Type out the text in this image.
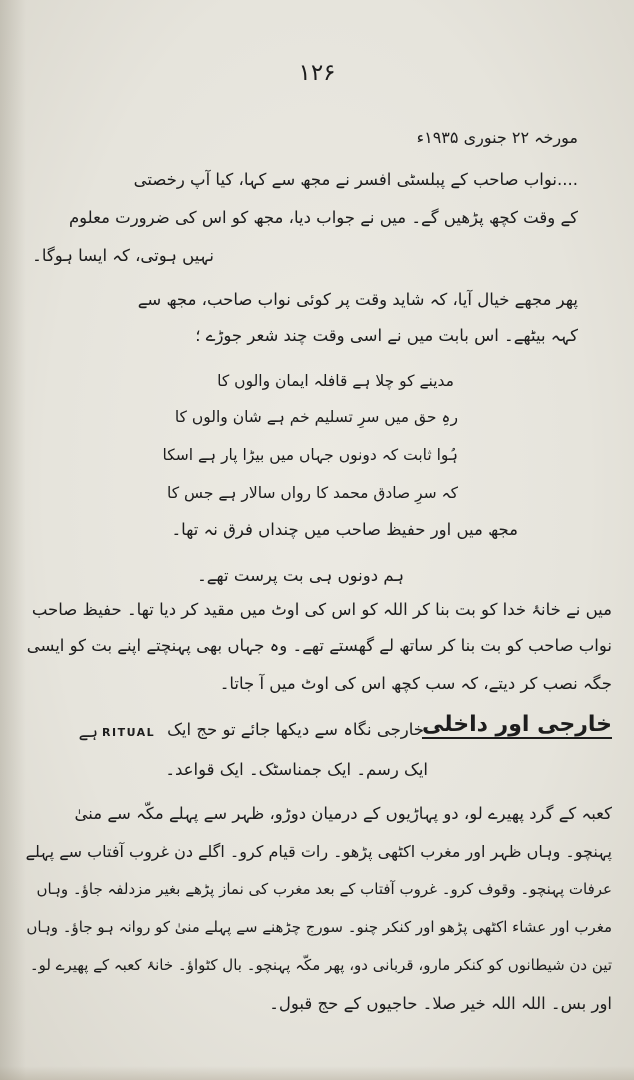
۱۲۶
مورخہ ۲۲ جنوری ۱۹۳۵ء
....نواب صاحب کے پبلسٹی افسر نے مجھ سے کہا، کیا آپ رخصتی
کے وقت کچھ پڑھیں گے۔ میں نے جواب دیا، مجھ کو اس کی ضرورت معلوم
نہیں ہوتی، کہ ایسا ہوگا۔
پھر مجھے خیال آیا، کہ شاید وقت پر کوئی نواب صاحب، مجھ سے
کہہ بیٹھے۔ اس بابت میں نے اسی وقت چند شعر جوڑے ؛
مدینے کو چلا ہے قافلہ ایمان والوں کا
رہِ حق میں سرِ تسلیم خم ہے شان والوں کا
ہُوا ثابت کہ دونوں جہاں میں بیڑا پار ہے اسکا
کہ سرِ صادق محمد کا رواں سالار ہے جس کا
مجھ میں اور حفیظ صاحب میں چنداں فرق نہ تھا۔
ہم دونوں ہی بت پرست تھے۔
میں نے خانۂ خدا کو بت بنا کر اللہ کو اس کی اوٹ میں مقید کر دیا تھا۔ حفیظ صاحب
نواب صاحب کو بت بنا کر ساتھ لے گھستے تھے۔ وہ جہاں بھی پہنچتے اپنے بت کو ایسی
جگہ نصب کر دیتے، کہ سب کچھ اس کی اوٹ میں آ جاتا۔
خارجی اور داخلی
خارجی نگاہ سے دیکھا جائے تو حج ایک
RITUAL
ہے
ایک رسم۔ ایک جمناسٹک۔ ایک قواعد۔
کعبہ کے گرد پھیرے لو، دو پہاڑیوں کے درمیان دوڑو، ظہر سے پہلے مکّہ سے منیٰ
پہنچو۔ وہاں ظہر اور مغرب اکٹھی پڑھو۔ رات قیام کرو۔ اگلے دن غروب آفتاب سے پہلے
عرفات پہنچو۔ وقوف کرو۔ غروب آفتاب کے بعد مغرب کی نماز پڑھے بغیر مزدلفہ جاؤ۔ وہاں
مغرب اور عشاء اکٹھی پڑھو اور کنکر چنو۔ سورج چڑھنے سے پہلے منیٰ کو روانہ ہو جاؤ۔ وہاں
تین دن شیطانوں کو کنکر مارو، قربانی دو، پھر مکّہ پہنچو۔ بال کٹواؤ۔ خانۂ کعبہ کے پھیرے لو۔
اور بس۔ اللہ اللہ خیر صلا۔ حاجیوں کے حج قبول۔
